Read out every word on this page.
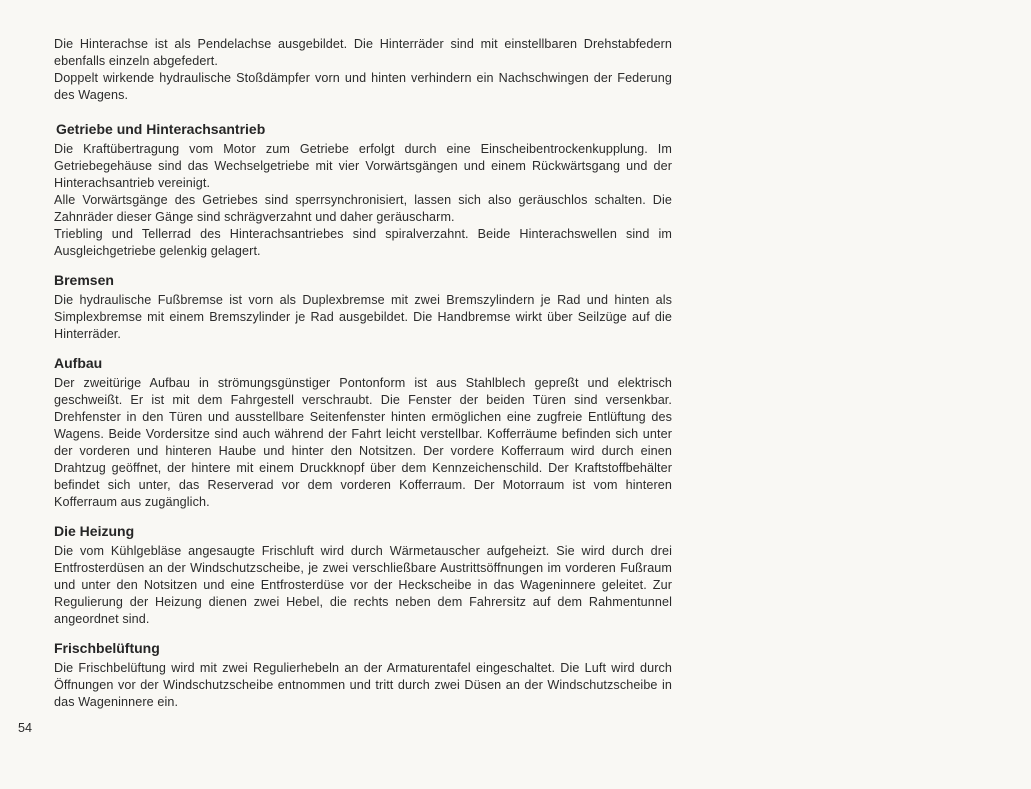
Die Hinterachse ist als Pendelachse ausgebildet. Die Hinterräder sind mit einstellbaren Drehstabfedern ebenfalls einzeln abgefedert.

Doppelt wirkende hydraulische Stoßdämpfer vorn und hinten verhindern ein Nachschwingen der Federung des Wagens.

Getriebe und Hinterachsantrieb

Die Kraftübertragung vom Motor zum Getriebe erfolgt durch eine Einscheibentrockenkupplung. Im Getriebegehäuse sind das Wechselgetriebe mit vier Vorwärtsgängen und einem Rückwärtsgang und der Hinterachsantrieb vereinigt.

Alle Vorwärtsgänge des Getriebes sind sperrsynchronisiert, lassen sich also geräuschlos schalten. Die Zahnräder dieser Gänge sind schrägverzahnt und daher geräuscharm.

Triebling und Tellerrad des Hinterachsantriebes sind spiralverzahnt. Beide Hinterachswellen sind im Ausgleichgetriebe gelenkig gelagert.

Bremsen

Die hydraulische Fußbremse ist vorn als Duplexbremse mit zwei Bremszylindern je Rad und hinten als Simplexbremse mit einem Bremszylinder je Rad ausgebildet. Die Handbremse wirkt über Seilzüge auf die Hinterräder.

Aufbau

Der zweitürige Aufbau in strömungsgünstiger Pontonform ist aus Stahlblech gepreßt und elektrisch geschweißt. Er ist mit dem Fahrgestell verschraubt. Die Fenster der beiden Türen sind versenkbar. Drehfenster in den Türen und ausstellbare Seitenfenster hinten ermöglichen eine zugfreie Entlüftung des Wagens. Beide Vordersitze sind auch während der Fahrt leicht verstellbar. Kofferräume befinden sich unter der vorderen und hinteren Haube und hinter den Notsitzen. Der vordere Kofferraum wird durch einen Drahtzug geöffnet, der hintere mit einem Druckknopf über dem Kennzeichenschild. Der Kraftstoffbehälter befindet sich unter, das Reserverad vor dem vorderen Kofferraum. Der Motorraum ist vom hinteren Kofferraum aus zugänglich.

Die Heizung

Die vom Kühlgebläse angesaugte Frischluft wird durch Wärmetauscher aufgeheizt. Sie wird durch drei Entfrosterdüsen an der Windschutzscheibe, je zwei verschließbare Austrittsöffnungen im vorderen Fußraum und unter den Notsitzen und eine Entfrosterdüse vor der Heckscheibe in das Wageninnere geleitet. Zur Regulierung der Heizung dienen zwei Hebel, die rechts neben dem Fahrersitz auf dem Rahmentunnel angeordnet sind.

Frischbelüftung

Die Frischbelüftung wird mit zwei Regulierhebeln an der Armaturentafel eingeschaltet. Die Luft wird durch Öffnungen vor der Windschutzscheibe entnommen und tritt durch zwei Düsen an der Windschutzscheibe in das Wageninnere ein.

54
